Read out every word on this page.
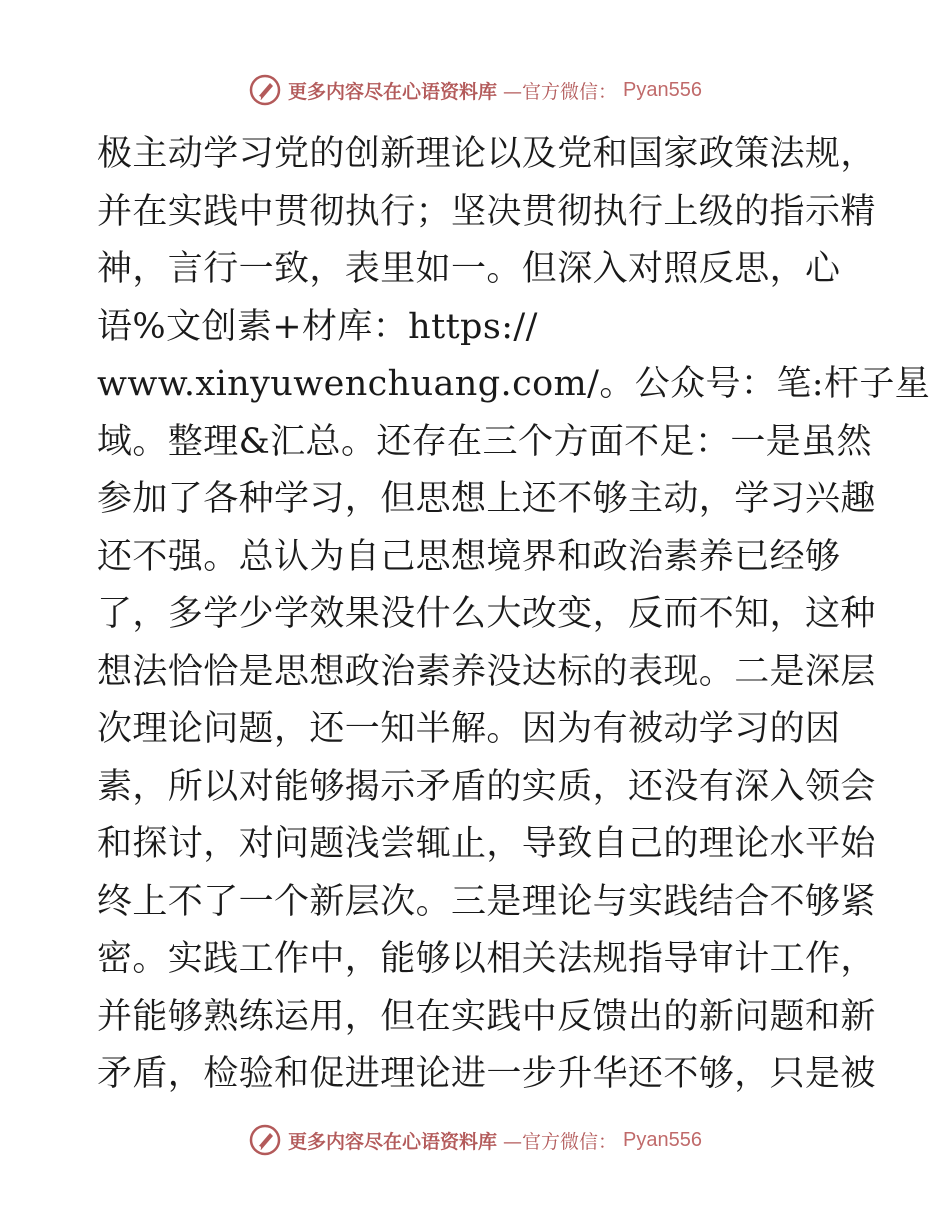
更多内容尽在心语资料库 —官方微信： Pyan556
极主动学习党的创新理论以及党和国家政策法规，
并在实践中贯彻执行；坚决贯彻执行上级的指示精
神，言行一致，表里如一。但深入对照反思，心
语%文创素+材库：https://
www.xinyuwenchuang.com/。公众号：笔:杆子星
域。整理&汇总。还存在三个方面不足：一是虽然
参加了各种学习，但思想上还不够主动，学习兴趣
还不强。总认为自己思想境界和政治素养已经够
了，多学少学效果没什么大改变，反而不知，这种
想法恰恰是思想政治素养没达标的表现。二是深层
次理论问题，还一知半解。因为有被动学习的因
素，所以对能够揭示矛盾的实质，还没有深入领会
和探讨，对问题浅尝辄止，导致自己的理论水平始
终上不了一个新层次。三是理论与实践结合不够紧
密。实践工作中，能够以相关法规指导审计工作，
并能够熟练运用，但在实践中反馈出的新问题和新
矛盾，检验和促进理论进一步升华还不够，只是被
更多内容尽在心语资料库 —官方微信： Pyan556
